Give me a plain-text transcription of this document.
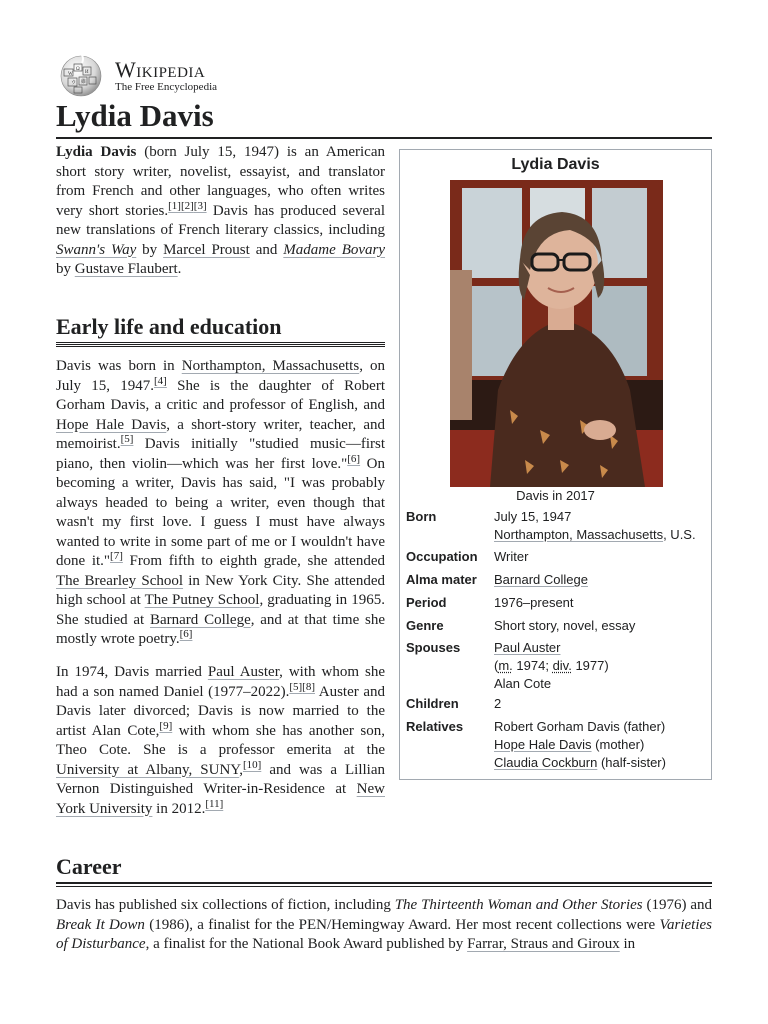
W
Ω
И
ウ 維
Wikipedia
The Free Encyclopedia
Lydia Davis

Lydia Davis (born July 15, 1947) is an American short story writer, novelist, essayist, and translator from French and other languages, who often writes very short stories.[1][2][3] Davis has produced several new translations of French literary classics, including Swann's Way by Marcel Proust and Madame Bovary by Gustave Flaubert.

Early life and education

Davis was born in Northampton, Massachusetts, on July 15, 1947.[4] She is the daughter of Robert Gorham Davis, a critic and professor of English, and Hope Hale Davis, a short-story writer, teacher, and memoirist.[5] Davis initially "studied music—first piano, then violin—which was her first love."[6] On becoming a writer, Davis has said, "I was probably always headed to being a writer, even though that wasn't my first love. I guess I must have always wanted to write in some part of me or I wouldn't have done it."[7] From fifth to eighth grade, she attended The Brearley School in New York City. She attended high school at The Putney School, graduating in 1965. She studied at Barnard College, and at that time she mostly wrote poetry.[6]

In 1974, Davis married Paul Auster, with whom she had a son named Daniel (1977–2022).[5][8] Auster and Davis later divorced; Davis is now married to the artist Alan Cote,[9] with whom she has another son, Theo Cote. She is a professor emerita at the University at Albany, SUNY,[10] and was a Lillian Vernon Distinguished Writer-in-Residence at New York University in 2012.[11]

Career

Davis has published six collections of fiction, including The Thirteenth Woman and Other Stories (1976) and Break It Down (1986), a finalist for the PEN/Hemingway Award. Her most recent collections were Varieties of Disturbance, a finalist for the National Book Award published by Farrar, Straus and Giroux in

Lydia Davis
Davis in 2017
Born	July 15, 1947
Northampton, Massachusetts, U.S.
Occupation	Writer
Alma mater	Barnard College
Period	1976–present
Genre	Short story, novel, essay
Spouses	Paul Auster
(m. 1974; div. 1977)
Alan Cote
Children	2
Relatives	Robert Gorham Davis (father)
Hope Hale Davis (mother)
Claudia Cockburn (half-sister)
